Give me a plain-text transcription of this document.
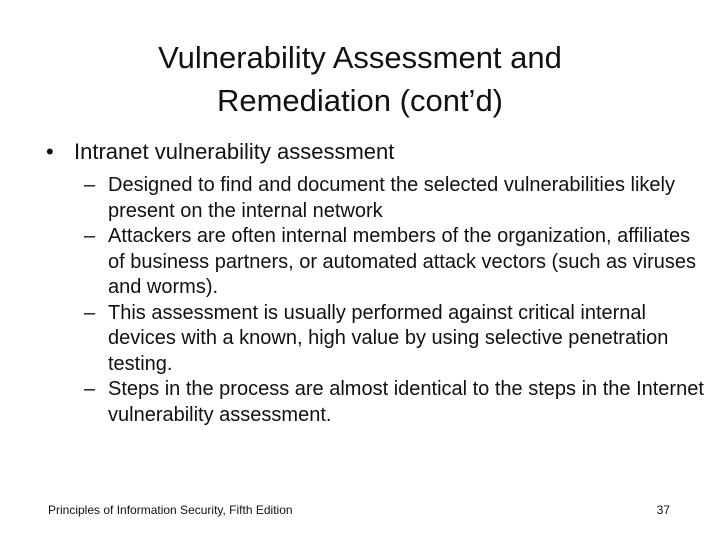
Vulnerability Assessment and
Remediation (cont’d)
• Intranet vulnerability assessment
– Designed to find and document the selected vulnerabilities likely present on the internal network
– Attackers are often internal members of the organization, affiliates of business partners, or automated attack vectors (such as viruses and worms).
– This assessment is usually performed against critical internal devices with a known, high value by using selective penetration testing.
– Steps in the process are almost identical to the steps in the Internet vulnerability assessment.
Principles of Information Security, Fifth Edition	37
